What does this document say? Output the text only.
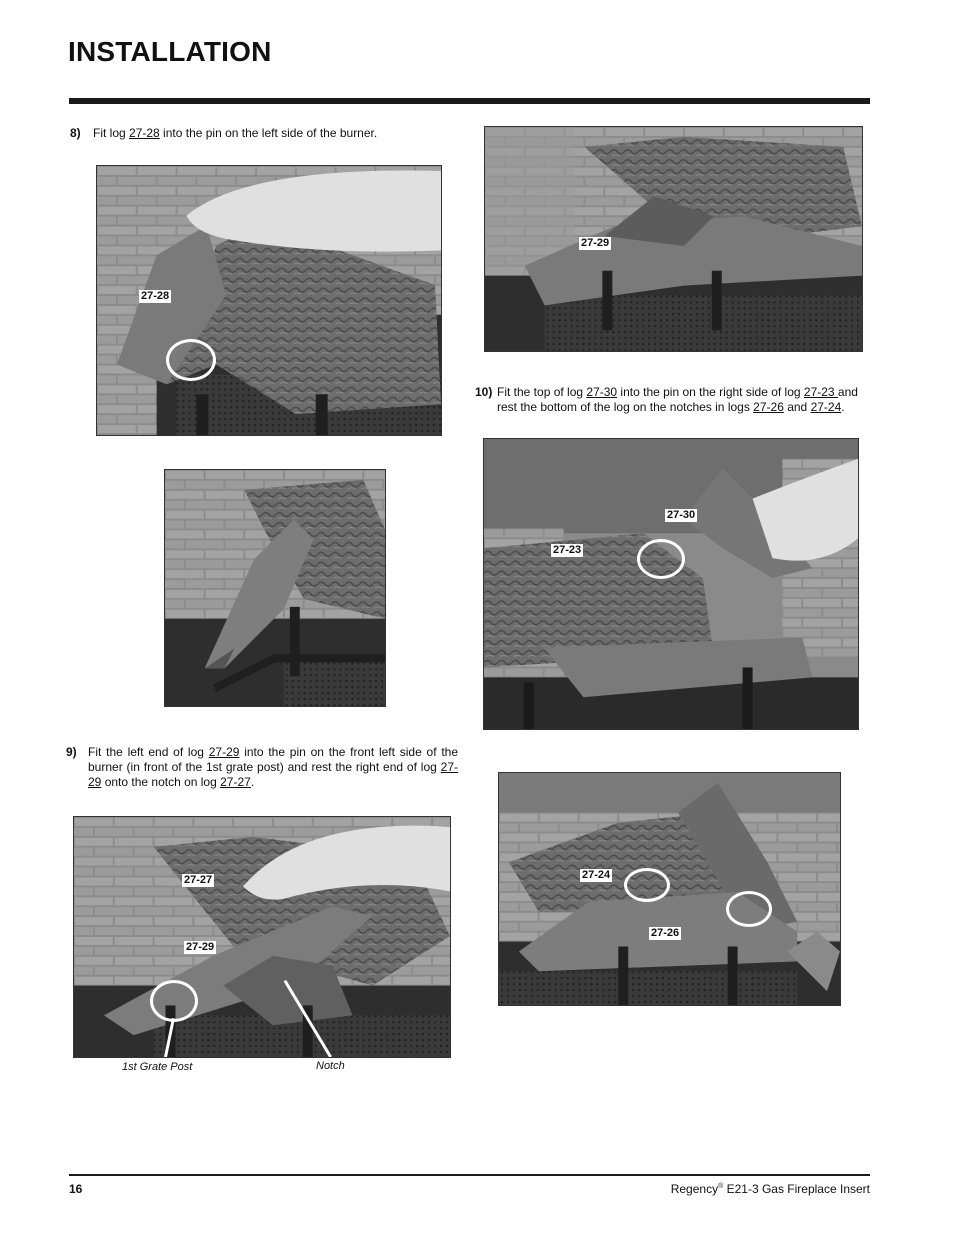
INSTALLATION
8) Fit log 27-28 into the pin on the left side of the burner.
27-28
27-29
10) Fit the top of log 27-30 into the pin on the right side of log 27-23 and rest the bottom of the log on the notches in logs 27-26 and 27-24.
27-30
27-23
9) Fit the left end of log 27-29 into the pin on the front left side of the burner (in front of the 1st grate post) and rest the right end of log 27-29 onto the notch on log 27-27.
27-27
27-29
1st Grate Post	Notch
27-24
27-26
16	Regency® E21-3 Gas Fireplace Insert
